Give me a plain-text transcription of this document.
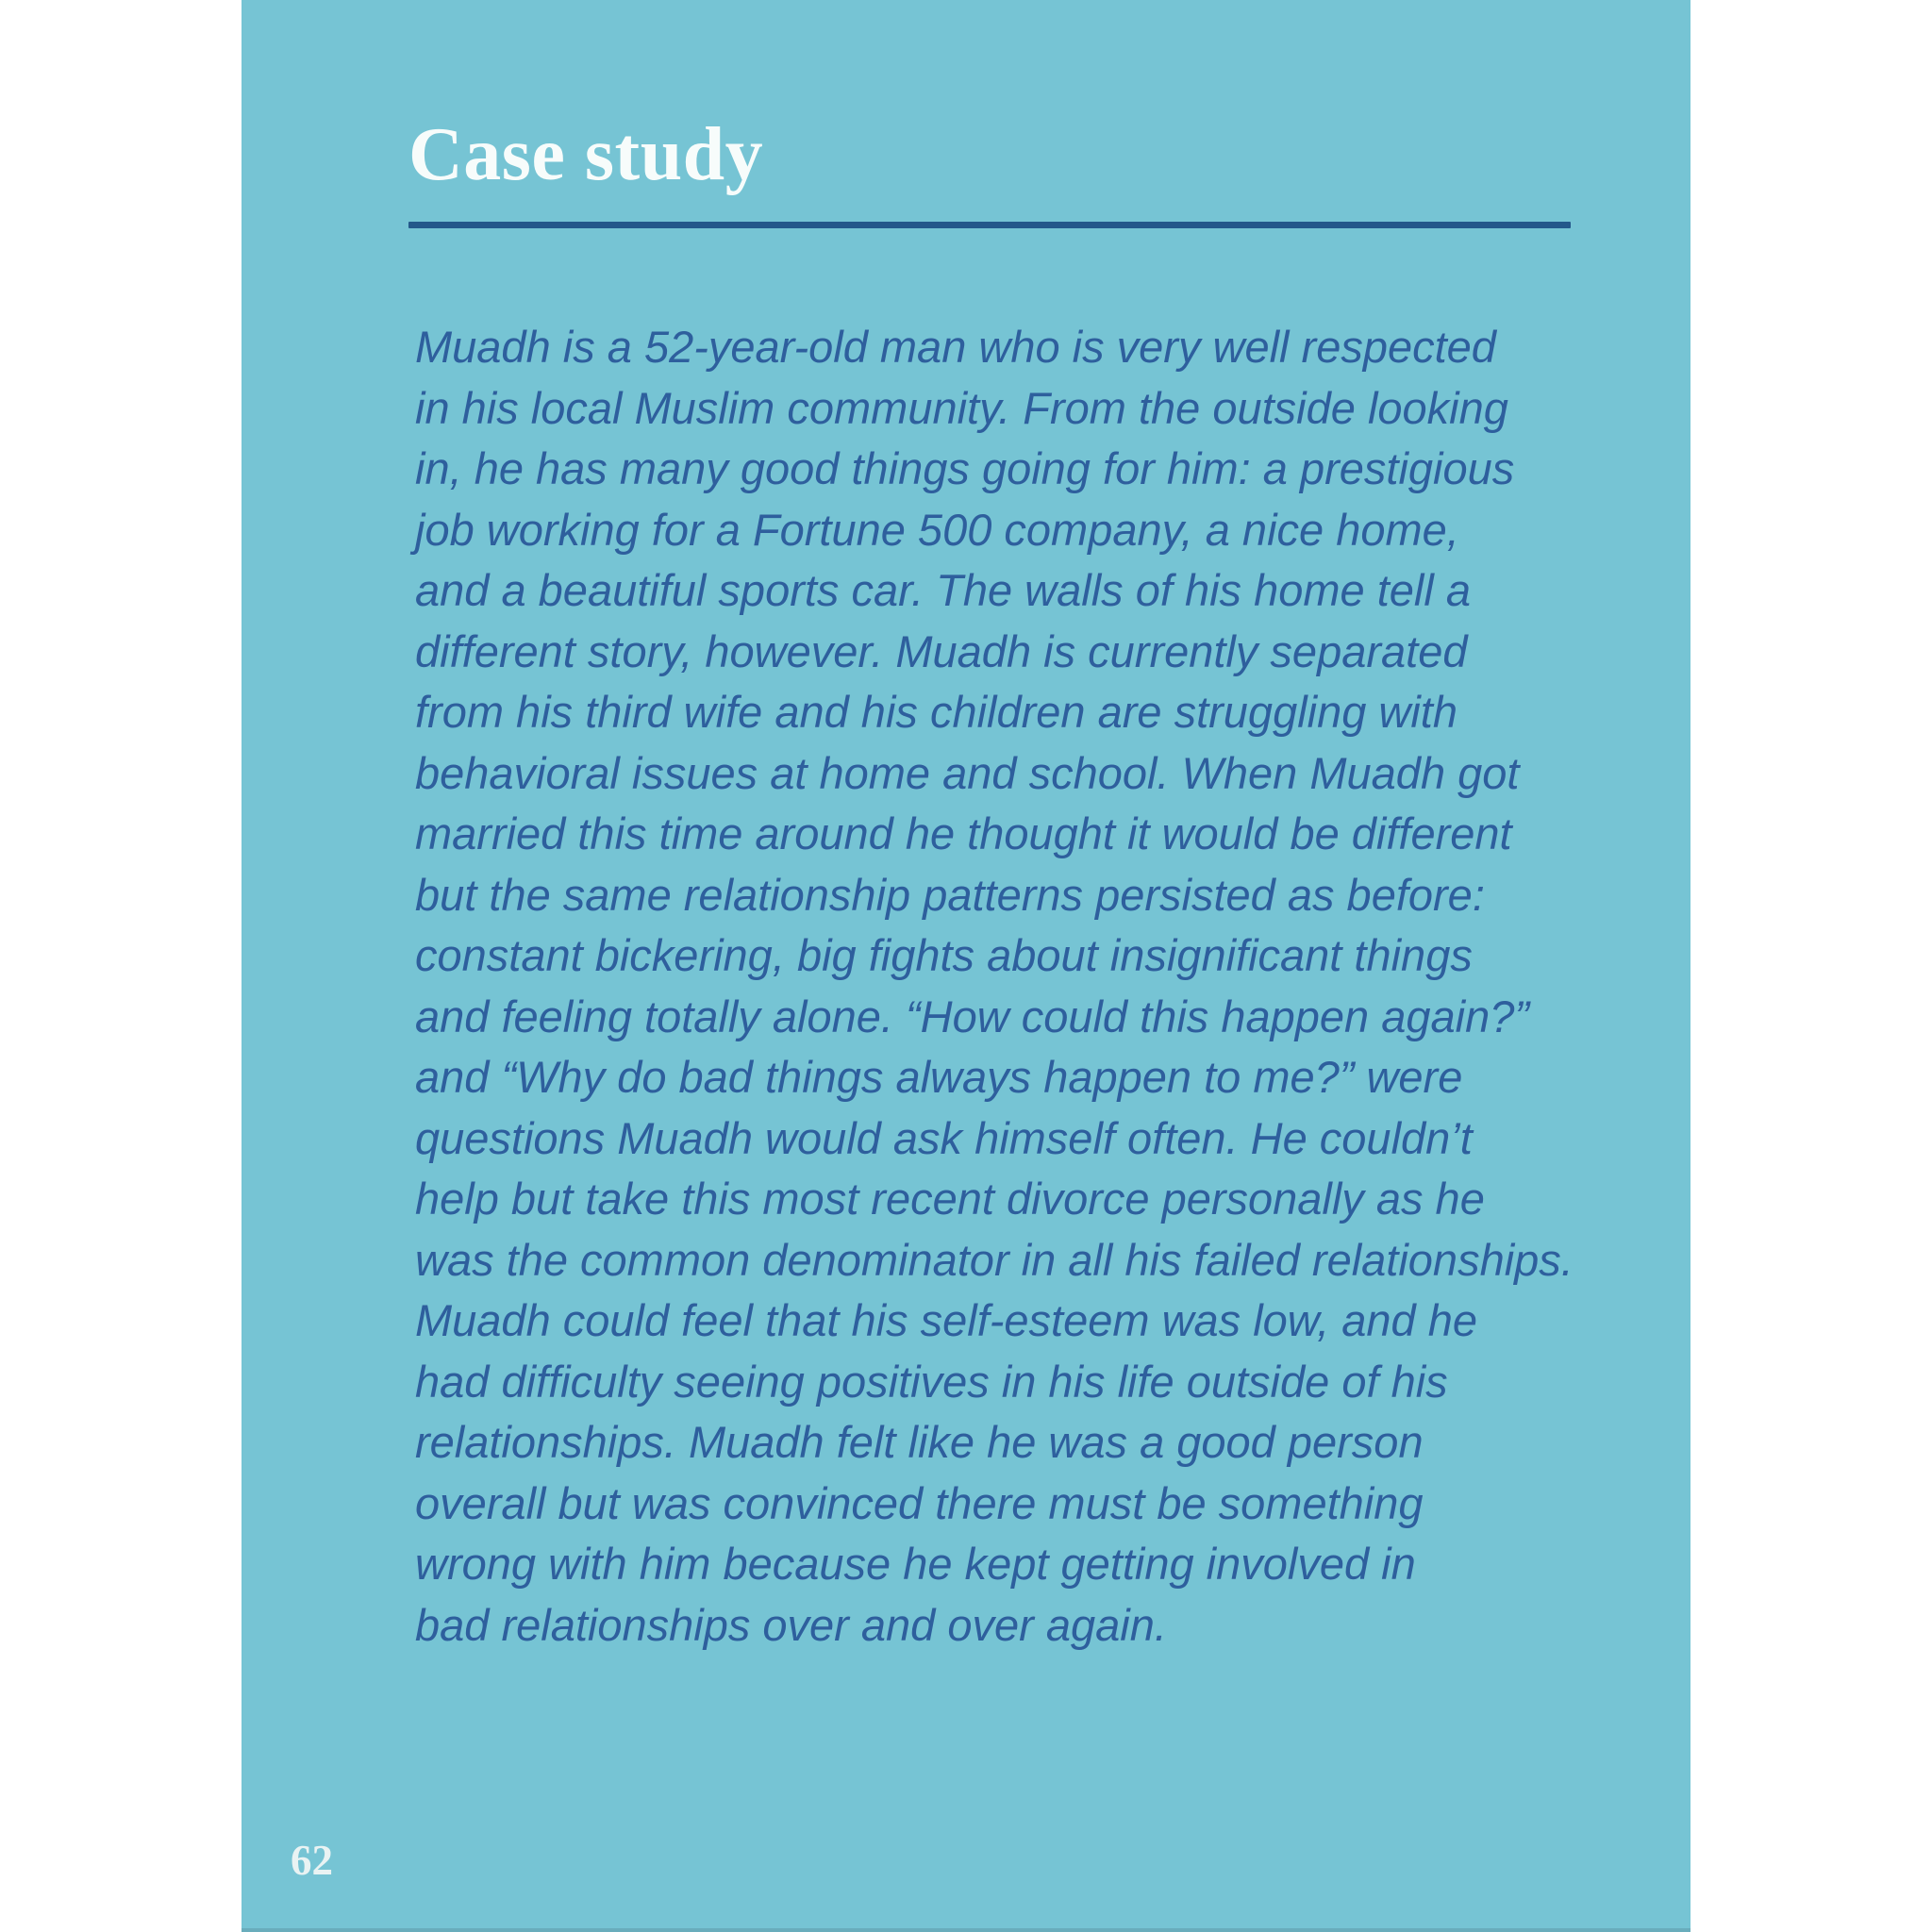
Case study
Muadh is a 52-year-old man who is very well respected
in his local Muslim community. From the outside looking
in, he has many good things going for him: a prestigious
job working for a Fortune 500 company, a nice home,
and a beautiful sports car. The walls of his home tell a
different story, however. Muadh is currently separated
from his third wife and his children are struggling with
behavioral issues at home and school. When Muadh got
married this time around he thought it would be different
but the same relationship patterns persisted as before:
constant bickering, big fights about insignificant things
and feeling totally alone. “How could this happen again?”
and “Why do bad things always happen to me?” were
questions Muadh would ask himself often. He couldn’t
help but take this most recent divorce personally as he
was the common denominator in all his failed relationships.
Muadh could feel that his self-esteem was low, and he
had difficulty seeing positives in his life outside of his
relationships. Muadh felt like he was a good person
overall but was convinced there must be something
wrong with him because he kept getting involved in
bad relationships over and over again.
62
